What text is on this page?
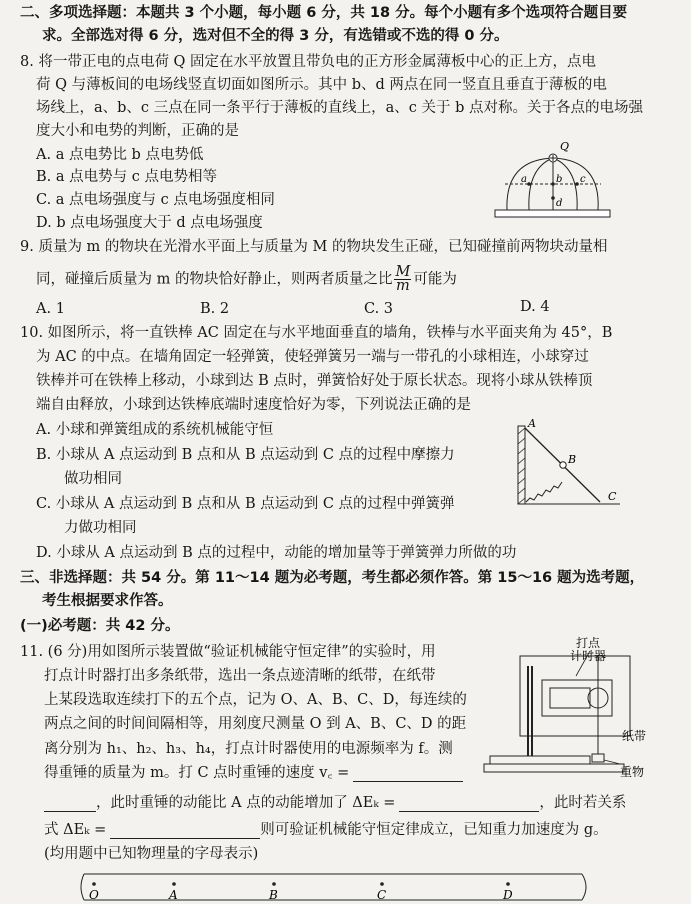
二、多项选择题：本题共 3 个小题，每小题 6 分，共 18 分。每个小题有多个选项符合题目要
求。全部选对得 6 分，选对但不全的得 3 分，有选错或不选的得 0 分。
8. 将一带正电的点电荷 Q 固定在水平放置且带负电的正方形金属薄板中心的正上方，点电
荷 Q 与薄板间的电场线竖直切面如图所示。其中 b、d 两点在同一竖直且垂直于薄板的电
场线上，a、b、c 三点在同一条平行于薄板的直线上，a、c 关于 b 点对称。关于各点的电场强
度大小和电势的判断，正确的是
A. a 点电势比 b 点电势低
B. a 点电势与 c 点电势相等
C. a 点电场强度与 c 点电场强度相同
D. b 点电场强度大于 d 点电场强度
Q
a	b c
d
9. 质量为 m 的物块在光滑水平面上与质量为 M 的物块发生正碰，已知碰撞前两物块动量相
同，碰撞后质量为 m 的物块恰好静止，则两者质量之比 $\frac{M}{m}$ 可能为
A. 1	B. 2	C. 3	D. 4
10. 如图所示，将一直铁棒 AC 固定在与水平地面垂直的墙角，铁棒与水平面夹角为 45°，B
为 AC 的中点。在墙角固定一轻弹簧，使轻弹簧另一端与一带孔的小球相连，小球穿过
铁棒并可在铁棒上移动，小球到达 B 点时，弹簧恰好处于原长状态。现将小球从铁棒顶
端自由释放，小球到达铁棒底端时速度恰好为零，下列说法正确的是
A. 小球和弹簧组成的系统机械能守恒
B. 小球从 A 点运动到 B 点和从 B 点运动到 C 点的过程中摩擦力
做功相同
C. 小球从 A 点运动到 B 点和从 B 点运动到 C 点的过程中弹簧弹
力做功相同
D. 小球从 A 点运动到 B 点的过程中，动能的增加量等于弹簧弹力所做的功
A
B
C
三、非选择题：共 54 分。第 11～14 题为必考题，考生都必须作答。第 15～16 题为选考题，
考生根据要求作答。
(一)必考题：共 42 分。
11. (6 分)用如图所示装置做“验证机械能守恒定律”的实验时，用
打点计时器打出多条纸带，选出一条点迹清晰的纸带，在纸带
上某段选取连续打下的五个点，记为 O、A、B、C、D，每连续的
两点之间的时间间隔相等，用刻度尺测量 O 到 A、B、C、D 的距
离分别为 h₁、h₂、h₃、h₄，打点计时器使用的电源频率为 f。测
得重锤的质量为 m。打 C 点时重锤的速度 v꜀ =
，此时重锤的动能比 A 点的动能增加了 ΔEₖ =	，此时若关系
式 ΔEₖ =	则可验证机械能守恒定律成立，已知重力加速度为 g。
(均用题中已知物理量的字母表示)
打点
计时器
纸带
重物
O	A	B	C	D
